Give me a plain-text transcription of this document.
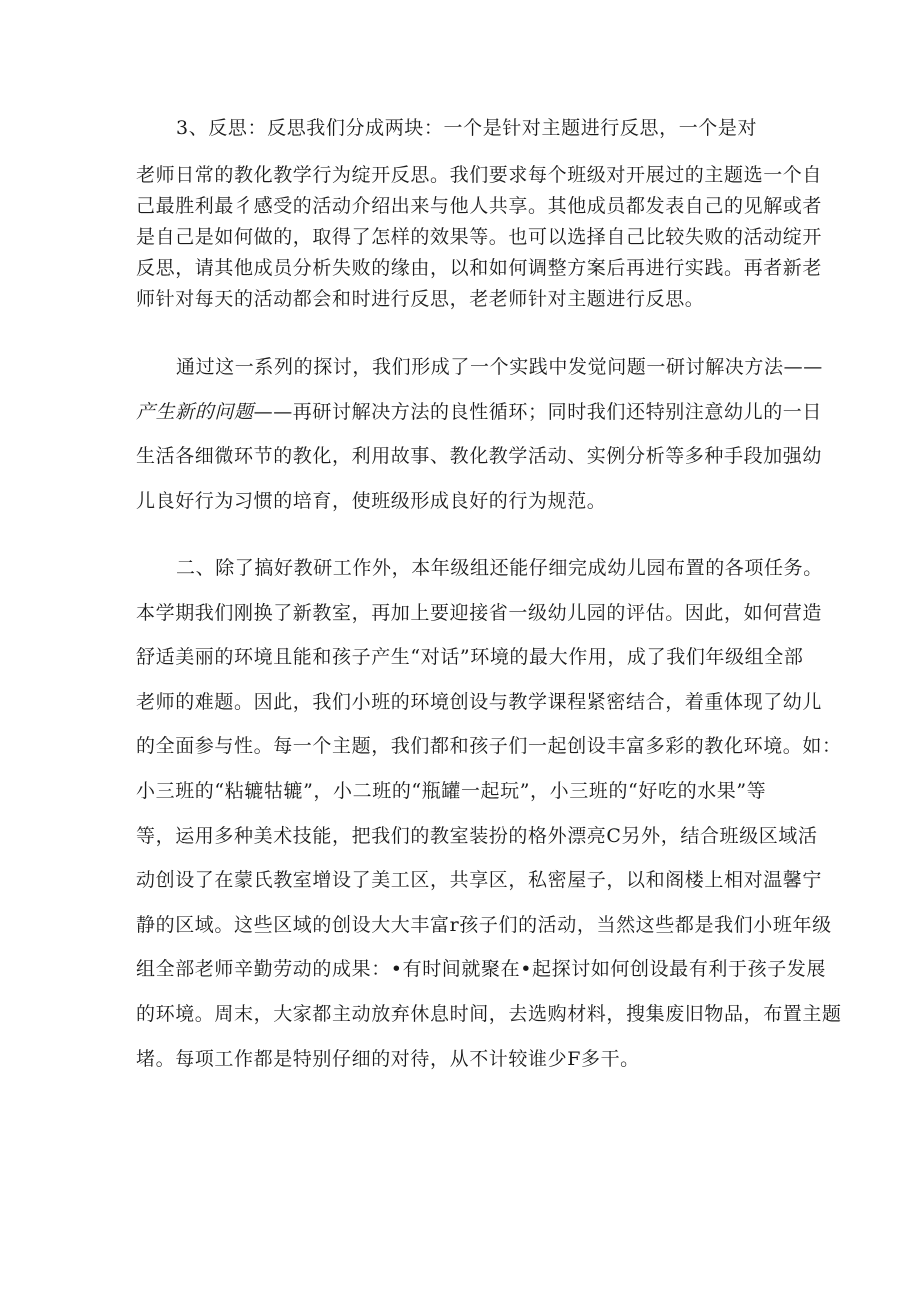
3、反思：反思我们分成两块：一个是针对主题进行反思，一个是对
老师日常的教化教学行为绽开反思。我们要求每个班级对开展过的主题选一个自
己最胜利最彳感受的活动介绍出来与他人共享。其他成员都发表自己的见解或者
是自己是如何做的，取得了怎样的效果等。也可以选择自己比较失败的活动绽开
反思，请其他成员分析失败的缘由，以和如何调整方案后再进行实践。再者新老
师针对每天的活动都会和时进行反思，老老师针对主题进行反思。
通过这一系列的探讨，我们形成了一个实践中发觉问题一研讨解决方法——
产生新的问题——再研讨解决方法的良性循环；同时我们还特别注意幼儿的一日
生活各细微环节的教化，利用故事、教化教学活动、实例分析等多种手段加强幼
儿良好行为习惯的培育，使班级形成良好的行为规范。
二、除了搞好教研工作外，本年级组还能仔细完成幼儿园布置的各项任务。
本学期我们刚换了新教室，再加上要迎接省一级幼儿园的评估。因此，如何营造
舒适美丽的环境且能和孩子产生“对话”环境的最大作用，成了我们年级组全部
老师的难题。因此，我们小班的环境创设与教学课程紧密结合，着重体现了幼儿
的全面参与性。每一个主题，我们都和孩子们一起创设丰富多彩的教化环境。如：
小三班的“粘辘牯辘”，小二班的“瓶罐一起玩”，小三班的“好吃的水果”等
等，运用多种美术技能，把我们的教室装扮的格外漂亮C另外，结合班级区域活
动创设了在蒙氏教室增设了美工区，共享区，私密屋子，以和阁楼上相对温馨宁
静的区域。这些区域的创设大大丰富r孩子们的活动，当然这些都是我们小班年级
组全部老师辛勤劳动的成果：•有时间就聚在•起探讨如何创设最有利于孩子发展
的环境。周末，大家都主动放弃休息时间，去选购材料，搜集废旧物品，布置主题
堵。每项工作都是特别仔细的对待，从不计较谁少F多干。
